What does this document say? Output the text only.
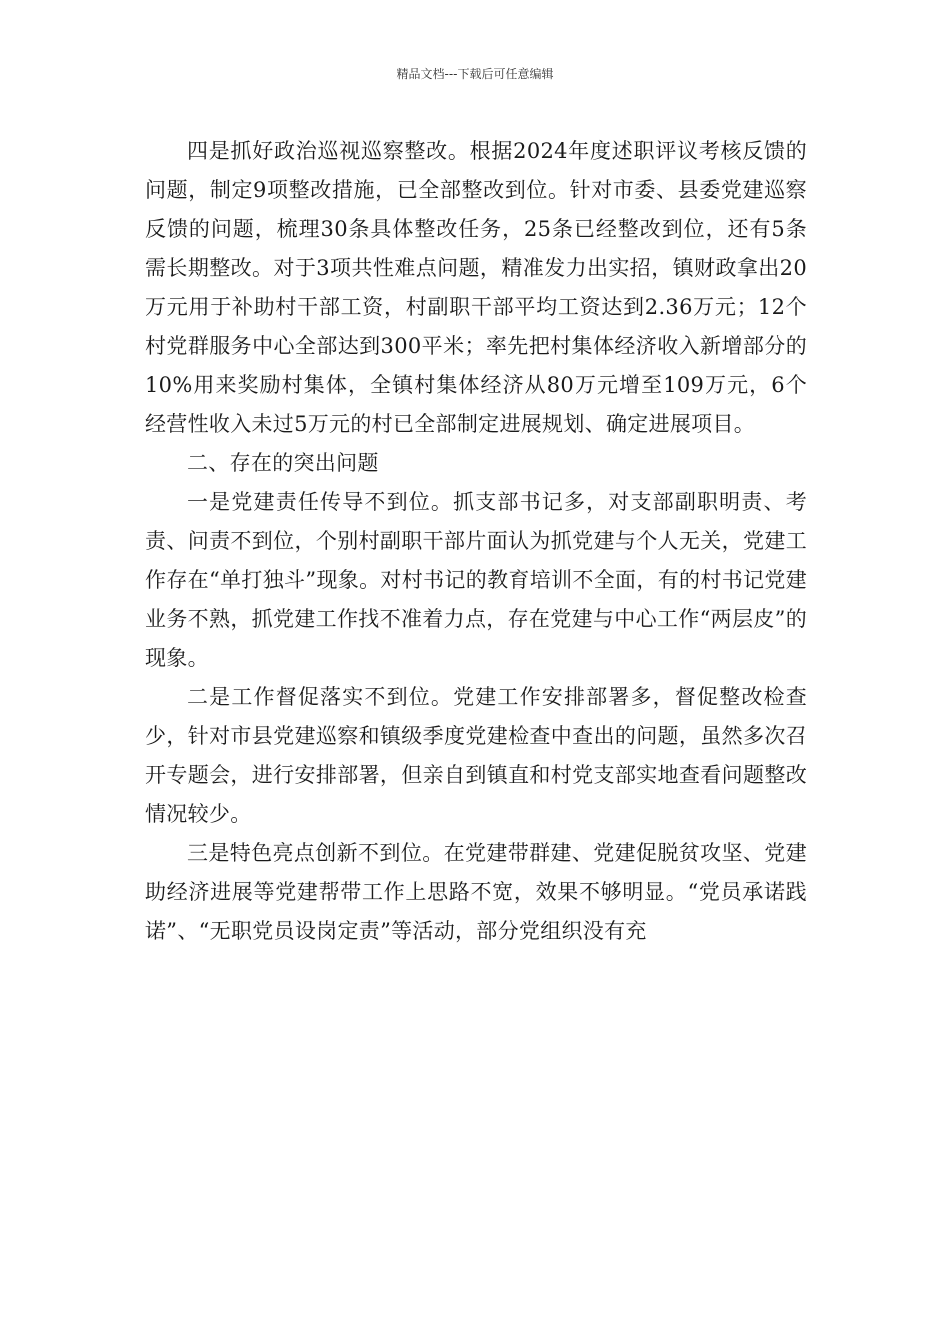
精品文档---下载后可任意编辑

四是抓好政治巡视巡察整改。根据2024年度述职评议考核反馈的问题，制定9项整改措施，已全部整改到位。针对市委、县委党建巡察反馈的问题，梳理30条具体整改任务，25条已经整改到位，还有5条需长期整改。对于3项共性难点问题，精准发力出实招，镇财政拿出20万元用于补助村干部工资，村副职干部平均工资达到2.36万元；12个村党群服务中心全部达到300平米；率先把村集体经济收入新增部分的10%用来奖励村集体，全镇村集体经济从80万元增至109万元，6个经营性收入未过5万元的村已全部制定进展规划、确定进展项目。

二、存在的突出问题

一是党建责任传导不到位。抓支部书记多，对支部副职明责、考责、问责不到位，个别村副职干部片面认为抓党建与个人无关，党建工作存在“单打独斗”现象。对村书记的教育培训不全面，有的村书记党建业务不熟，抓党建工作找不准着力点，存在党建与中心工作“两层皮”的现象。

二是工作督促落实不到位。党建工作安排部署多，督促整改检查少，针对市县党建巡察和镇级季度党建检查中查出的问题，虽然多次召开专题会，进行安排部署，但亲自到镇直和村党支部实地查看问题整改情况较少。

三是特色亮点创新不到位。在党建带群建、党建促脱贫攻坚、党建助经济进展等党建帮带工作上思路不宽，效果不够明显。“党员承诺践诺”、“无职党员设岗定责”等活动，部分党组织没有充
